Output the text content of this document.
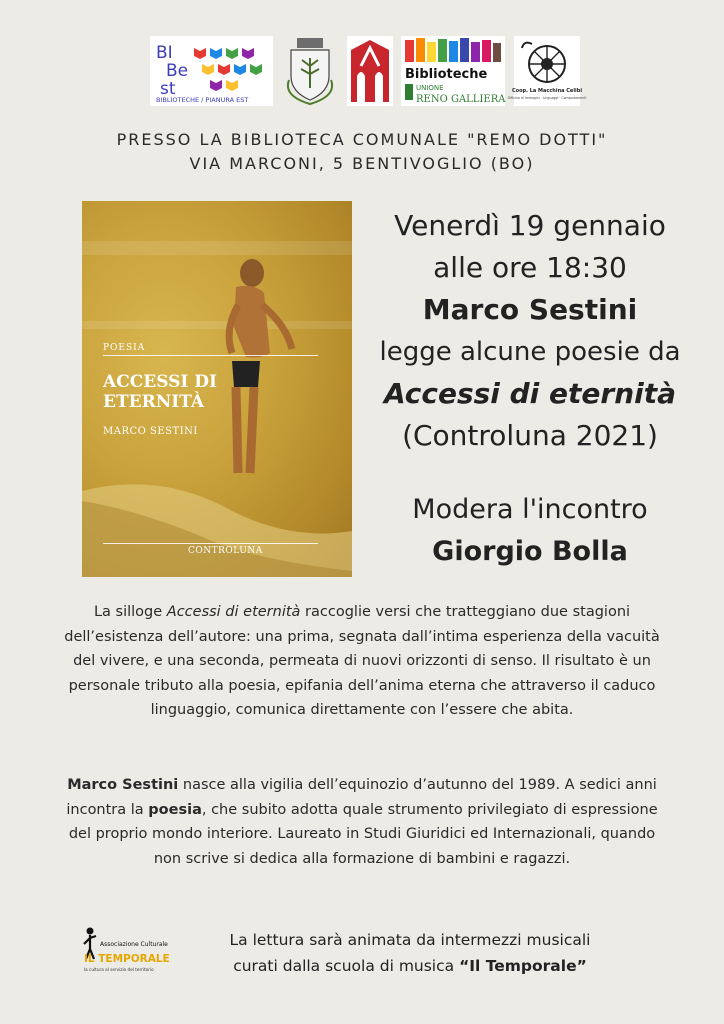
BI
Be
st
BIBLIOTECHE / PIANURA EST
Biblioteche
UNIONE
RENO GALLIERA
Coop. La Macchina Celibi
Officina di Immagini · Linguaggi · Comportamenti
PRESSO LA BIBLIOTECA COMUNALE "REMO DOTTI"
VIA MARCONI, 5 BENTIVOGLIO (BO)
POESIA
ACCESSI DI
ETERNITÀ
MARCO SESTINI
CONTROLUNA
Venerdì 19 gennaio
alle ore 18:30
Marco Sestini
legge alcune poesie da
Accessi di eternità
(Controluna 2021)
Modera l'incontro
Giorgio Bolla
La silloge Accessi di eternità raccoglie versi che tratteggiano due stagioni dell’esistenza dell’autore: una prima, segnata dall’intima esperienza della vacuità del vivere, e una seconda, permeata di nuovi orizzonti di senso. Il risultato è un personale tributo alla poesia, epifania dell’anima eterna che attraverso il caduco linguaggio, comunica direttamente con l’essere che abita.
Marco Sestini nasce alla vigilia dell’equinozio d’autunno del 1989. A sedici anni incontra la poesia, che subito adotta quale strumento privilegiato di espressione del proprio mondo interiore. Laureato in Studi Giuridici ed Internazionali, quando non scrive si dedica alla formazione di bambini e ragazzi.
Associazione Culturale
IL TEMPORALE
la cultura al servizio del territorio
La lettura sarà animata da intermezzi musicali
curati dalla scuola di musica “Il Temporale”
